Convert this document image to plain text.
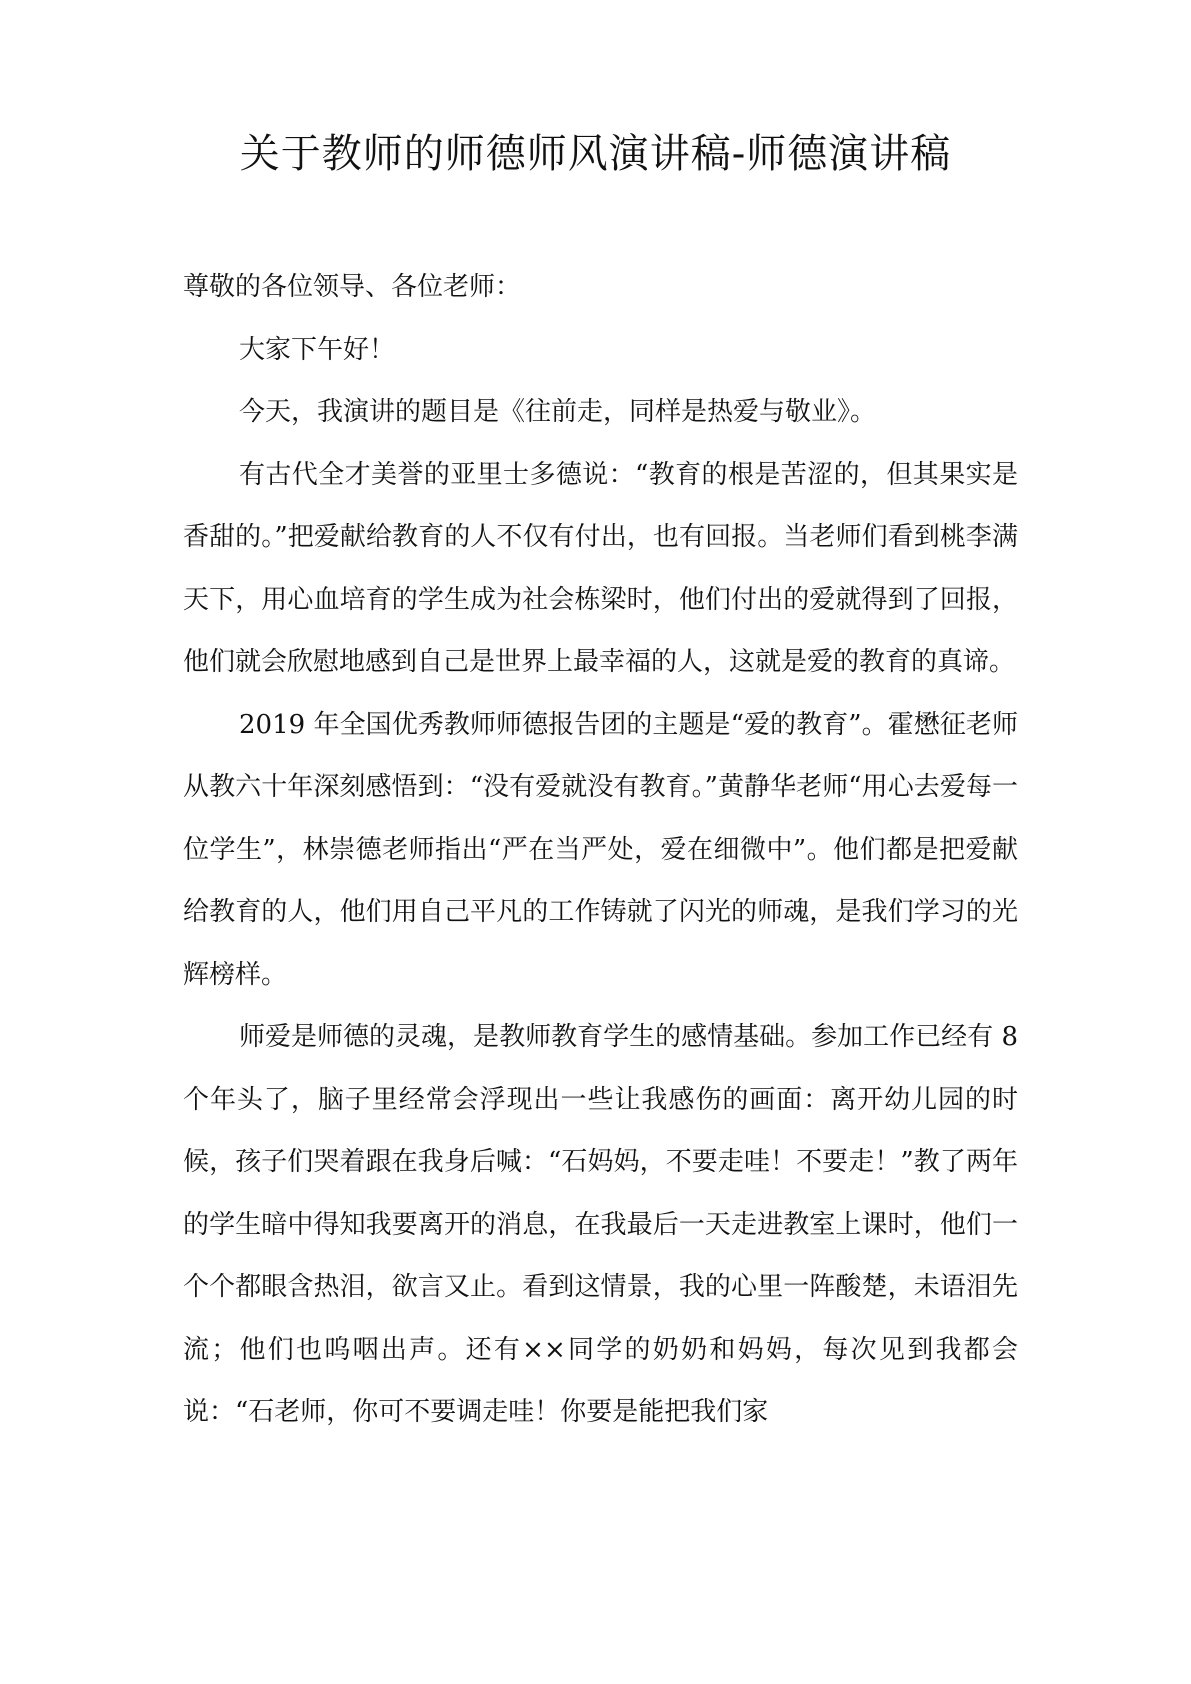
关于教师的师德师风演讲稿-师德演讲稿

尊敬的各位领导、各位老师：

大家下午好！

今天，我演讲的题目是《往前走，同样是热爱与敬业》。

有古代全才美誉的亚里士多德说：“教育的根是苦涩的，但其果实是香甜的。”把爱献给教育的人不仅有付出，也有回报。当老师们看到桃李满天下，用心血培育的学生成为社会栋梁时，他们付出的爱就得到了回报，他们就会欣慰地感到自己是世界上最幸福的人，这就是爱的教育的真谛。

2019 年全国优秀教师师德报告团的主题是“爱的教育”。霍懋征老师从教六十年深刻感悟到：“没有爱就没有教育。”黄静华老师“用心去爱每一位学生”，林崇德老师指出“严在当严处，爱在细微中”。他们都是把爱献给教育的人，他们用自己平凡的工作铸就了闪光的师魂，是我们学习的光辉榜样。

师爱是师德的灵魂，是教师教育学生的感情基础。参加工作已经有 8 个年头了，脑子里经常会浮现出一些让我感伤的画面：离开幼儿园的时候，孩子们哭着跟在我身后喊：“石妈妈，不要走哇！不要走！”教了两年的学生暗中得知我要离开的消息，在我最后一天走进教室上课时，他们一个个都眼含热泪，欲言又止。看到这情景，我的心里一阵酸楚，未语泪先流；他们也呜咽出声。还有××同学的奶奶和妈妈，每次见到我都会说：“石老师，你可不要调走哇！你要是能把我们家
